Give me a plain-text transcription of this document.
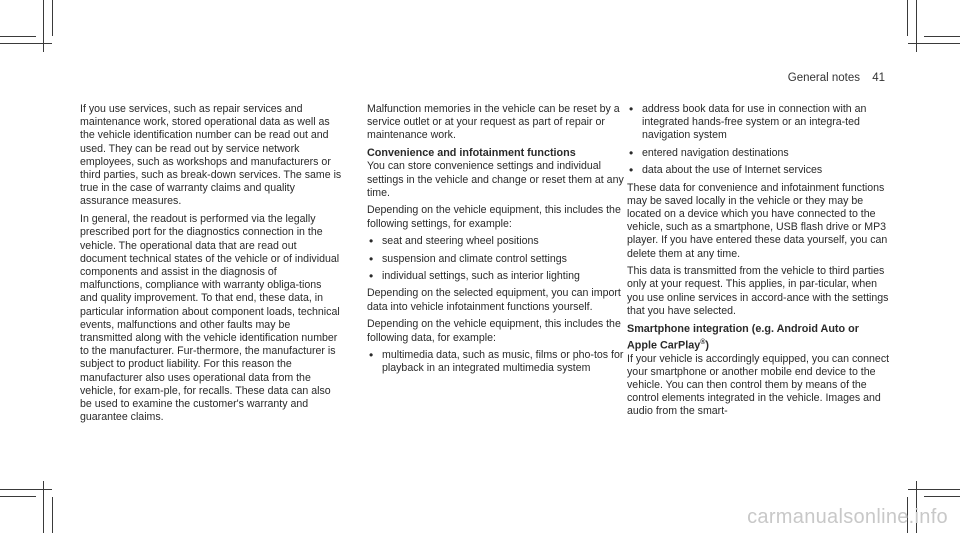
General notes 41

If you use services, such as repair services and maintenance work, stored operational data as well as the vehicle identification number can be read out and used. They can be read out by service network employees, such as workshops and manufacturers or third parties, such as break-down services. The same is true in the case of warranty claims and quality assurance measures.

In general, the readout is performed via the legally prescribed port for the diagnostics connection in the vehicle. The operational data that are read out document technical states of the vehicle or of individual components and assist in the diagnosis of malfunctions, compliance with warranty obliga-tions and quality improvement. To that end, these data, in particular information about component loads, technical events, malfunctions and other faults may be transmitted along with the vehicle identification number to the manufacturer. Fur-thermore, the manufacturer is subject to product liability. For this reason the manufacturer also uses operational data from the vehicle, for exam-ple, for recalls. These data can also be used to examine the customer's warranty and guarantee claims.

Malfunction memories in the vehicle can be reset by a service outlet or at your request as part of repair or maintenance work.

Convenience and infotainment functions

You can store convenience settings and individual settings in the vehicle and change or reset them at any time.

Depending on the vehicle equipment, this includes the following settings, for example:

• seat and steering wheel positions
• suspension and climate control settings
• individual settings, such as interior lighting

Depending on the selected equipment, you can import data into vehicle infotainment functions yourself.

Depending on the vehicle equipment, this includes the following data, for example:

• multimedia data, such as music, films or pho-tos for playback in an integrated multimedia system
• address book data for use in connection with an integrated hands-free system or an integra-ted navigation system
• entered navigation destinations
• data about the use of Internet services

These data for convenience and infotainment functions may be saved locally in the vehicle or they may be located on a device which you have connected to the vehicle, such as a smartphone, USB flash drive or MP3 player. If you have entered these data yourself, you can delete them at any time.

This data is transmitted from the vehicle to third parties only at your request. This applies, in par-ticular, when you use online services in accord-ance with the settings that you have selected.

Smartphone integration (e.g. Android Auto or
Apple CarPlay®)

If your vehicle is accordingly equipped, you can connect your smartphone or another mobile end device to the vehicle. You can then control them by means of the control elements integrated in the vehicle. Images and audio from the smart-

carmanualsonline.info
